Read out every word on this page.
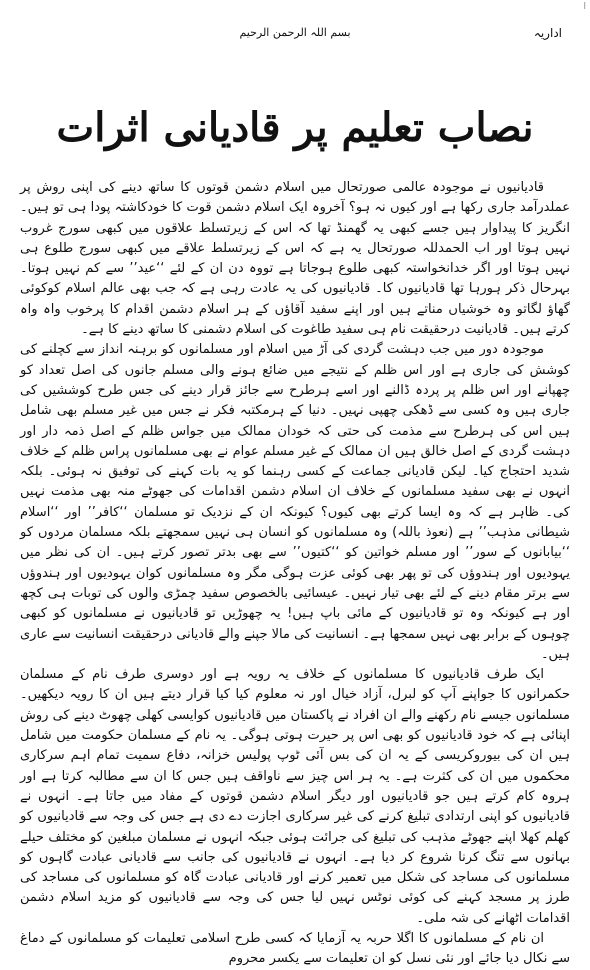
ا
اداریہ
بسم اللہ الرحمن الرحیم
نصاب تعلیم پر قادیانی اثرات

قادیانیوں نے موجودہ عالمی صورتحال میں اسلام دشمن قوتوں کا ساتھ دینے کی اپنی روش پر عملدرآمد جاری رکھا ہے اور کیوں نہ ہو؟ آخروہ ایک اسلام دشمن قوت کا خودکاشتہ پودا ہی تو ہیں۔ انگریز کا پیداوار ہیں جسے کبھی یہ گھمنڈ تھا کہ اس کے زیرتسلط علاقوں میں کبھی سورج غروب نہیں ہوتا اور اب الحمدللہ صورتحال یہ ہے کہ اس کے زیرتسلط علاقے میں کبھی سورج طلوع ہی نہیں ہوتا اور اگر خدانخواستہ کبھی طلوع ہوجاتا ہے تووہ دن ان کے لئے ‘‘عید’’ سے کم نہیں ہوتا۔ بہرحال ذکر ہورہا تھا قادیانیوں کا۔ قادیانیوں کی یہ عادت رہی ہے کہ جب بھی عالم اسلام کوکوئی گھاؤ لگاتو وہ خوشیاں مناتے ہیں اور اپنے سفید آقاؤں کے ہر اسلام دشمن اقدام کا پرخوب واہ واہ کرتے ہیں۔ قادیانیت درحقیقت نام ہی سفید طاغوت کی اسلام دشمنی کا ساتھ دینے کا ہے۔

موجودہ دور میں جب دہشت گردی کی آڑ میں اسلام اور مسلمانوں کو برہنہ انداز سے کچلنے کی کوشش کی جاری ہے اور اس ظلم کے نتیجے میں ضائع ہونے والی مسلم جانوں کی اصل تعداد کو چھپانے اور اس ظلم پر پردہ ڈالنے اور اسے ہرطرح سے جائز قرار دینے کی جس طرح کوششیں کی جاری ہیں وہ کسی سے ڈھکی چھپی نہیں۔ دنیا کے ہرمکتبہ فکر نے جس میں غیر مسلم بھی شامل ہیں اس کی ہرطرح سے مذمت کی حتی کہ خودان ممالک میں جواس ظلم کے اصل ذمہ دار اور دہشت گردی کے اصل خالق ہیں ان ممالک کے غیر مسلم عوام نے بھی مسلمانوں پراس ظلم کے خلاف شدید احتجاج کیا۔ لیکن قادیانی جماعت کے کسی رہنما کو یہ بات کہنے کی توفیق نہ ہوئی۔ بلکہ انہوں نے بھی سفید مسلمانوں کے خلاف ان اسلام دشمن اقدامات کی جھوٹے منہ بھی مذمت نہیں کی۔ ظاہر ہے کہ وہ ایسا کرتے بھی کیوں؟ کیونکہ ان کے نزدیک تو مسلمان ‘‘کافر’’ اور ‘‘اسلام شیطانی مذہب’’ ہے (نعوذ باللہ) وہ مسلمانوں کو انسان ہی نہیں سمجھتے بلکہ مسلمان مردوں کو ‘‘بیابانوں کے سور’’ اور مسلم خواتین کو ‘‘کتیوں’’ سے بھی بدتر تصور کرتے ہیں۔ ان کی نظر میں یہودیوں اور ہندوؤں کی تو پھر بھی کوئی عزت ہوگی مگر وہ مسلمانوں کوان یہودیوں اور ہندوؤں سے برتر مقام دینے کے لئے بھی تیار نہیں۔ عیسائیی بالخصوص سفید چمڑی والوں کی توبات ہی کچھ اور ہے کیونکہ وہ تو قادیانیوں کے مائی باپ ہیں! یہ چھوڑیں تو قادیانیوں نے مسلمانوں کو کبھی چوہوں کے برابر بھی نہیں سمجھا ہے۔ انسانیت کی مالا جپنے والے قادیانی درحقیقت انسانیت سے عاری ہیں۔

ایک طرف قادیانیوں کا مسلمانوں کے خلاف یہ رویہ ہے اور دوسری طرف نام کے مسلمان حکمرانوں کا جواپنے آپ کو لبرل، آزاد خیال اور نہ معلوم کیا کیا قرار دیتے ہیں ان کا رویہ دیکھیں۔ مسلمانوں جیسے نام رکھنے والے ان افراد نے پاکستان میں قادیانیوں کوایسی کھلی چھوٹ دینے کی روش اپنائی ہے کہ خود قادیانیوں کو بھی اس پر حیرت ہوتی ہوگی۔ یہ نام کے مسلمان حکومت میں شامل ہیں ان کی بیوروکریسی کے یہ ان کی بس آئی ٹوپ پولیس خزانہ، دفاع سمیت تمام اہم سرکاری محکموں میں ان کی کثرت ہے۔ یہ ہر اس چیز سے ناواقف ہیں جس کا ان سے مطالبہ کرتا ہے اور ہروہ کام کرتے ہیں جو قادیانیوں اور دیگر اسلام دشمن قوتوں کے مفاد میں جاتا ہے۔ انہوں نے قادیانیوں کو اپنی ارتدادی تبلیغ کرنے کی غیر سرکاری اجازت دے دی ہے جس کی وجہ سے قادیانیوں کو کھلم کھلا اپنے جھوٹے مذہب کی تبلیغ کی جرائت ہوئی جبکہ انہوں نے مسلمان مبلغین کو مختلف حیلے بہانوں سے تنگ کرنا شروع کر دیا ہے۔ انہوں نے قادیانیوں کی جانب سے قادیانی عبادت گاہوں کو مسلمانوں کی مساجد کی شکل میں تعمیر کرنے اور قادیانی عبادت گاہ کو مسلمانوں کی مساجد کی طرز پر مسجد کہنے کی کوئی نوٹس نہیں لیا جس کی وجہ سے قادیانیوں کو مزید اسلام دشمن اقدامات اٹھانے کی شہ ملی۔

ان نام کے مسلمانوں کا اگلا حربہ یہ آزمایا کہ کسی طرح اسلامی تعلیمات کو مسلمانوں کے دماغ سے نکال دیا جائے اور نئی نسل کو ان تعلیمات سے یکسر محروم
